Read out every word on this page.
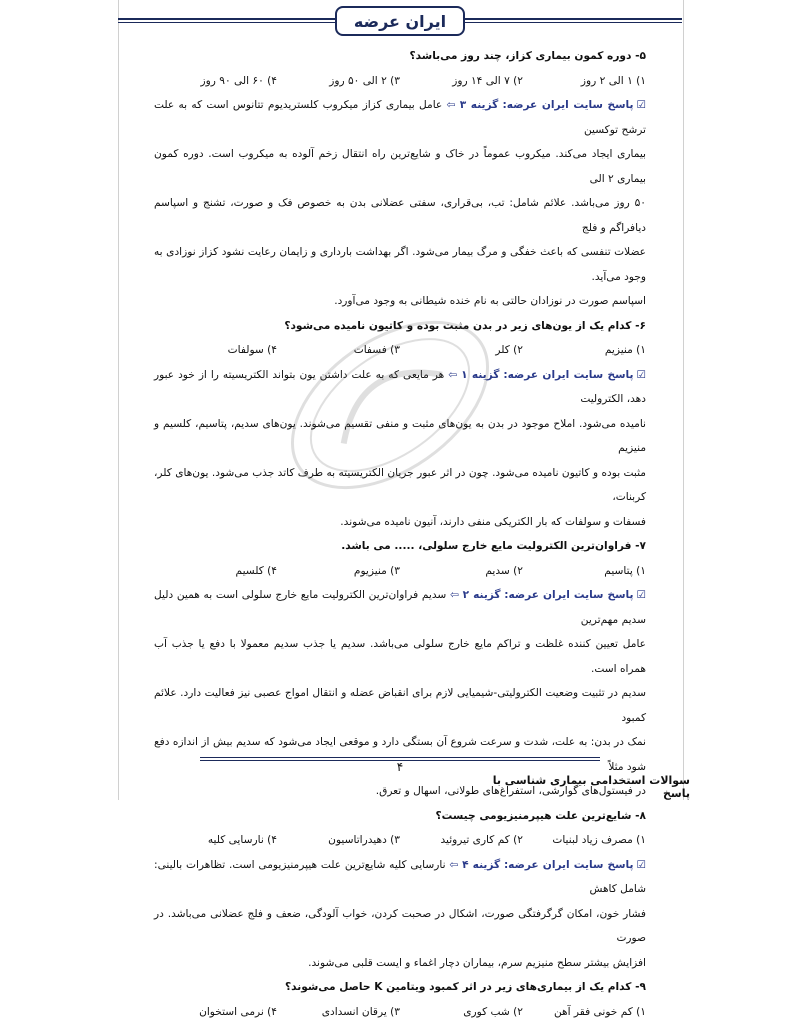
ایران عرضه

۵- دوره کمون بیماری کزاز، چند روز می‌باشد؟

۱) ۱ الی ۲ روز
۲) ۷ الی ۱۴ روز
۳) ۲ الی ۵۰ روز
۴) ۶۰ الی ۹۰ روز

☑پاسخ سایت ایران عرضه: گزینه ۳ ⇦ عامل بیماری کزاز میکروب کلستریدیوم تتانوس است که به علت ترشح توکسین

بیماری ایجاد می‌کند. میکروب عموماً در خاک و شایع‌ترین راه انتقال زخم آلوده به میکروب است. دوره کمون بیماری ۲ الی

۵۰ روز می‌باشد. علائم شامل: تب، بی‌قراری، سفتی عضلانی بدن به خصوص فک و صورت، تشنج و اسپاسم دیافراگم و فلج

عضلات تنفسی که باعث خفگی و مرگ بیمار می‌شود. اگر بهداشت بارداری و زایمان رعایت نشود کزاز نوزادی به وجود می‌آید.

اسپاسم صورت در نوزادان حالتی به نام خنده شیطانی به وجود می‌آورد.

۶- کدام یک از یون‌های زیر در بدن مثبت بوده و کاتیون نامیده می‌شود؟

۱) منیزیم
۲) کلر
۳) فسفات
۴) سولفات

☑پاسخ سایت ایران عرضه: گزینه ۱ ⇦ هر مایعی که به علت داشتن یون بتواند الکتریسیته را از خود عبور دهد، الکترولیت

نامیده می‌شود. املاح موجود در بدن به یون‌های مثبت و منفی تقسیم می‌شوند. یون‌های سدیم، پتاسیم، کلسیم و منیزیم

مثبت بوده و کاتیون نامیده می‌شود. چون در اثر عبور جریان الکتریسیته به طرف کاتد جذب می‌شود. یون‌های کلر، کربنات،

فسفات و سولفات که بار الکتریکی منفی دارند، آنیون نامیده می‌شوند.

۷- فراوان‌ترین الکترولیت مایع خارج سلولی، ..... می باشد.

۱) پتاسیم
۲) سدیم
۳) منیزیوم
۴) کلسیم

☑پاسخ سایت ایران عرضه: گزینه ۲ ⇦ سدیم فراوان‌ترین الکترولیت مایع خارج سلولی است به همین دلیل سدیم مهم‌ترین

عامل تعیین کننده غلظت و تراکم مایع خارج سلولی می‌باشد. سدیم یا جذب سدیم معمولا با دفع یا جذب آب همراه است.

سدیم در تثبیت وضعیت الکترولیتی-شیمیایی لازم برای انقباض عضله و انتقال امواج عصبی نیز فعالیت دارد. علائم کمبود

نمک در بدن: به علت، شدت و سرعت شروع آن بستگی دارد و موقعی ایجاد می‌شود که سدیم بیش از اندازه دفع شود مثلاً

در فیستول‌های گوارشی، استفراغ‌های طولانی، اسهال و تعرق.

۸- شایع‌ترین علت هیپرمنیزیومی چیست؟

۱) مصرف زیاد لبنیات
۲) کم کاری تیروئید
۳) دهیدراتاسیون
۴) نارسایی کلیه

☑پاسخ سایت ایران عرضه: گزینه ۴ ⇦ نارسایی کلیه شایع‌ترین علت هیپرمنیزیومی است. تظاهرات بالینی: شامل کاهش

فشار خون، امکان گرگرفتگی صورت، اشکال در صحبت کردن، خواب آلودگی، ضعف و فلج عضلانی می‌باشد. در صورت

افزایش بیشتر سطح منیزیم سرم، بیماران دچار اغماء و ایست قلبی می‌شوند.

۹- کدام یک از بیماری‌های زیر در اثر کمبود ویتامین K حاصل می‌شوند؟

۱) کم خونی فقر آهن
۲) شب کوری
۳) یرقان انسدادی
۴) نرمی استخوان

۴
سوالات استخدامی بیماری شناسی با پاسخ
